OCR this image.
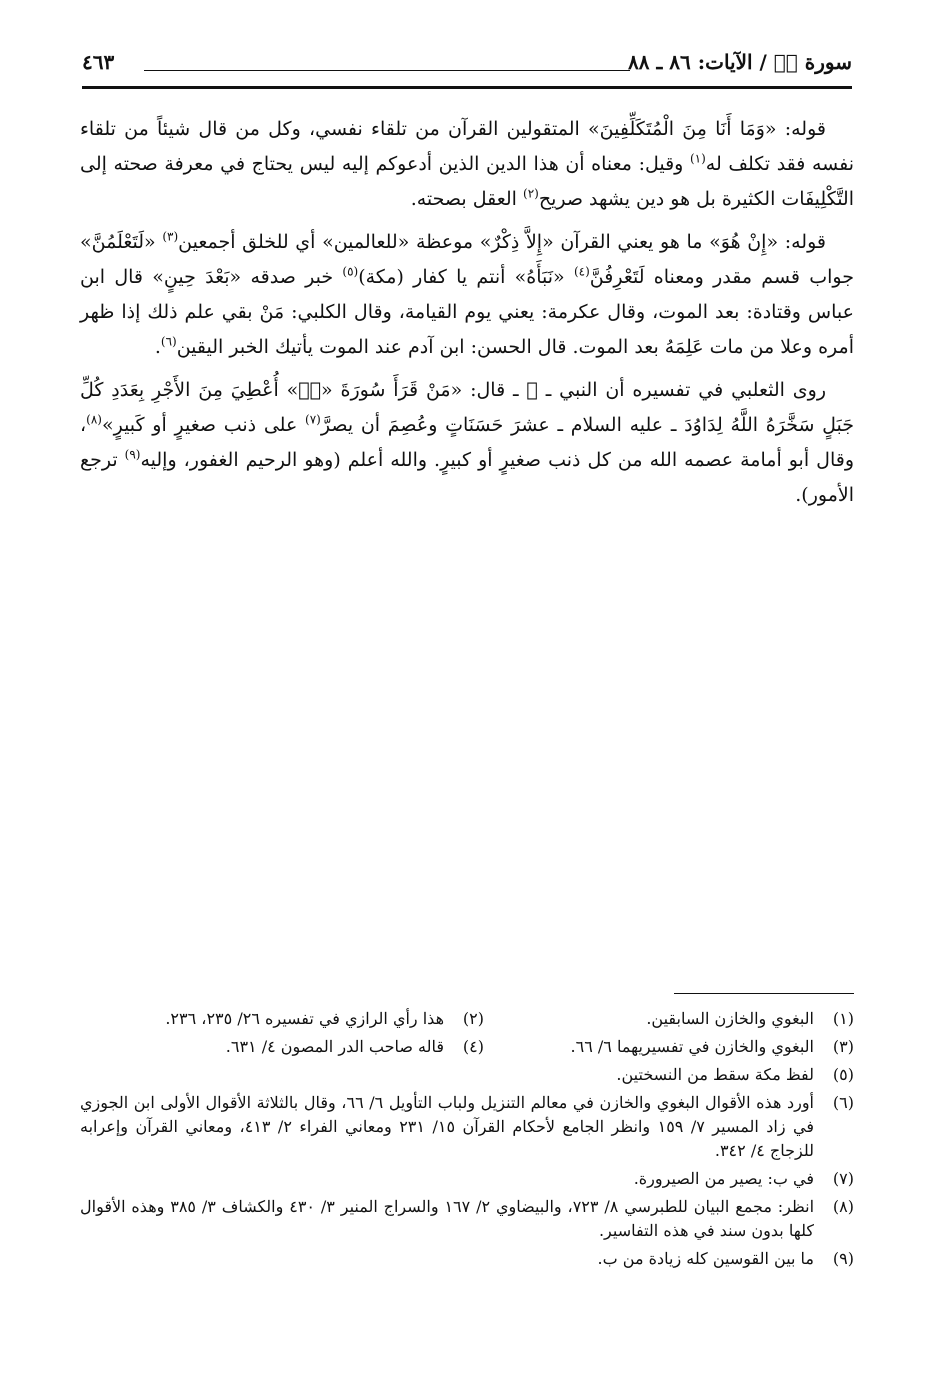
سورة صۤ / الآيات: ٨٦ ـ ٨٨
٤٦٣

قوله: «وَمَا أَنَا مِنَ الْمُتَكَلِّفِينَ» المتقولين القرآن من تلقاء نفسي، وكل من قال شيئاً من تلقاء نفسه فقد تكلف له$^{(١)}$ وقيل: معناه أن هذا الدين الذين أدعوكم إليه ليس يحتاج في معرفة صحته إلى التَّكْلِيفَات الكثيرة بل هو دين يشهد صريح$^{(٢)}$ العقل بصحته.

قوله: «إِنْ هُوَ» ما هو يعني القرآن «إِلاَّ ذِكْرٌ» موعظة «للعالمين» أي للخلق أجمعين$^{(٣)}$ «لَتَعْلَمُنَّ» جواب قسم مقدر ومعناه لَتَعْرِفُنَّ$^{(٤)}$ «نَبَأَهُ» أنتم يا كفار (مكة)$^{(٥)}$ خبر صدقه «بَعْدَ حِينٍ» قال ابن عباس وقتادة: بعد الموت، وقال عكرمة: يعني يوم القيامة، وقال الكلبي: مَنْ بقي علم ذلك إذا ظهر أمره وعلا من مات عَلِمَهُ بعد الموت. قال الحسن: ابن آدم عند الموت يأتيك الخبر اليقين$^{(٦)}$.

روى الثعلبي في تفسيره أن النبي ـ ﷺ ـ قال: «مَنْ قَرَأَ سُورَةَ «صۤ» أُعْطِيَ مِنَ الأَجْرِ بِعَدَدِ كُلِّ جَبَلٍ سَخَّرَهُ اللَّهُ لِدَاوُدَ ـ عليه السلام ـ عشرَ حَسَنَاتٍ وعُصِمَ أن يصرَّ$^{(٧)}$ على ذنب صغيرٍ أو كَبيرٍ»$^{(٨)}$، وقال أبو أمامة عصمه الله من كل ذنب صغيرٍ أو كبيرٍ. والله أعلم (وهو الرحيم الغفور، وإليه$^{(٩)}$ ترجع الأمور).

(١)
البغوي والخازن السابقين.
(٢)
هذا رأي الرازي في تفسيره ٢٦/ ٢٣٥، ٢٣٦.
(٣)
البغوي والخازن في تفسيريهما ٦/ ٦٦.
(٤)
قاله صاحب الدر المصون ٤/ ٦٣١.
(٥)
لفظ مكة سقط من النسختين.
(٦)
أورد هذه الأقوال البغوي والخازن في معالم التنزيل ولباب التأويل ٦/ ٦٦، وقال بالثلاثة الأقوال الأولى ابن الجوزي في زاد المسير ٧/ ١٥٩ وانظر الجامع لأحكام القرآن ١٥/ ٢٣١ ومعاني الفراء ٢/ ٤١٣، ومعاني القرآن وإعرابه للزجاج ٤/ ٣٤٢.
(٧)
في ب: يصير من الصيرورة.
(٨)
انظر: مجمع البيان للطبرسي ٨/ ٧٢٣، والبيضاوي ٢/ ١٦٧ والسراج المنير ٣/ ٤٣٠ والكشاف ٣/ ٣٨٥ وهذه الأقوال كلها بدون سند في هذه التفاسير.
(٩)
ما بين القوسين كله زيادة من ب.
